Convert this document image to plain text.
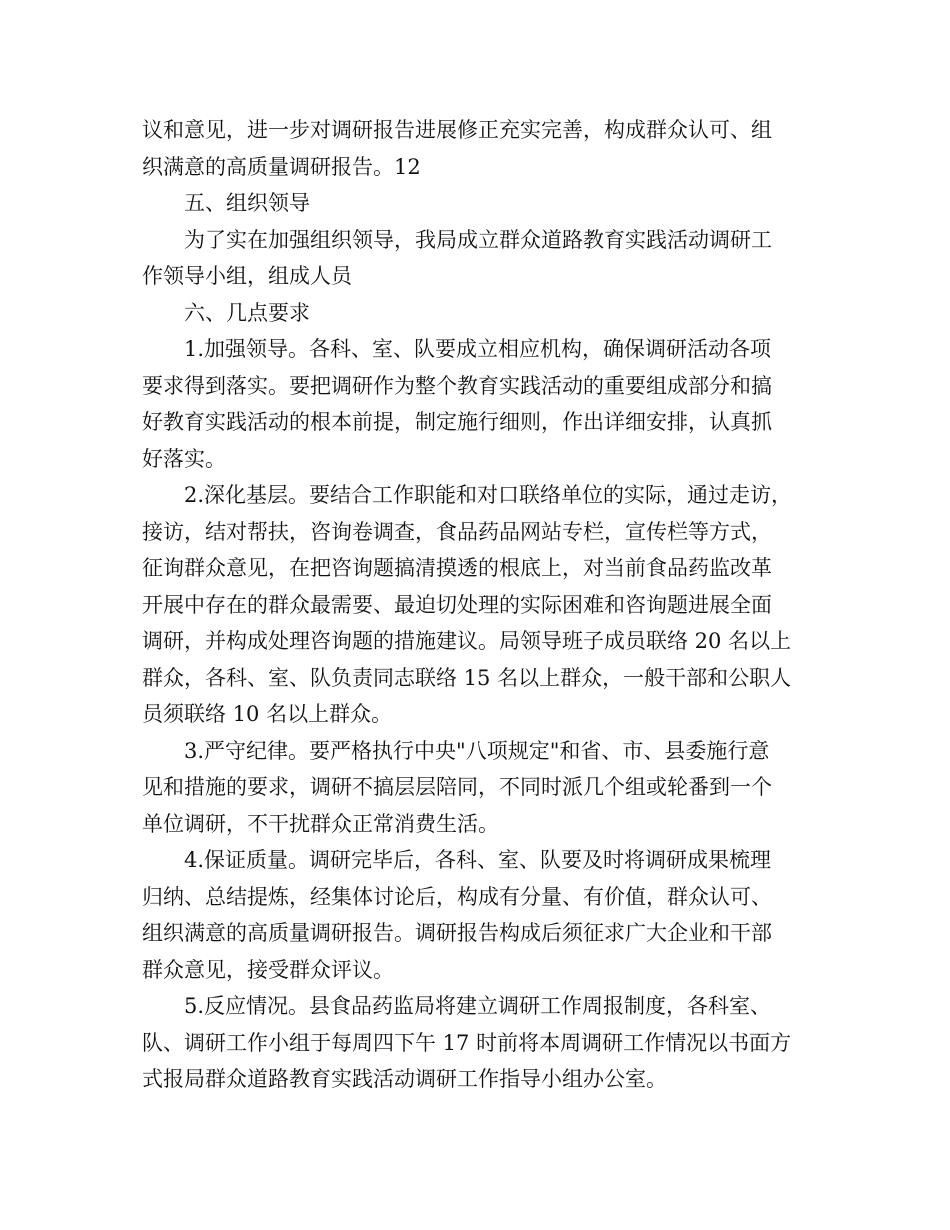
议和意见，进一步对调研报告进展修正充实完善，构成群众认可、组
织满意的高质量调研报告。12
五、组织领导
为了实在加强组织领导，我局成立群众道路教育实践活动调研工
作领导小组，组成人员
六、几点要求
1.加强领导。各科、室、队要成立相应机构，确保调研活动各项
要求得到落实。要把调研作为整个教育实践活动的重要组成部分和搞
好教育实践活动的根本前提，制定施行细则，作出详细安排，认真抓
好落实。
2.深化基层。要结合工作职能和对口联络单位的实际，通过走访，
接访，结对帮扶，咨询卷调查，食品药品网站专栏，宣传栏等方式，
征询群众意见，在把咨询题搞清摸透的根底上，对当前食品药监改革
开展中存在的群众最需要、最迫切处理的实际困难和咨询题进展全面
调研，并构成处理咨询题的措施建议。局领导班子成员联络 20 名以上
群众，各科、室、队负责同志联络 15 名以上群众，一般干部和公职人
员须联络 10 名以上群众。
3.严守纪律。要严格执行中央"八项规定"和省、市、县委施行意
见和措施的要求，调研不搞层层陪同，不同时派几个组或轮番到一个
单位调研，不干扰群众正常消费生活。
4.保证质量。调研完毕后，各科、室、队要及时将调研成果梳理
归纳、总结提炼，经集体讨论后，构成有分量、有价值，群众认可、
组织满意的高质量调研报告。调研报告构成后须征求广大企业和干部
群众意见，接受群众评议。
5.反应情况。县食品药监局将建立调研工作周报制度，各科室、
队、调研工作小组于每周四下午 17 时前将本周调研工作情况以书面方
式报局群众道路教育实践活动调研工作指导小组办公室。
